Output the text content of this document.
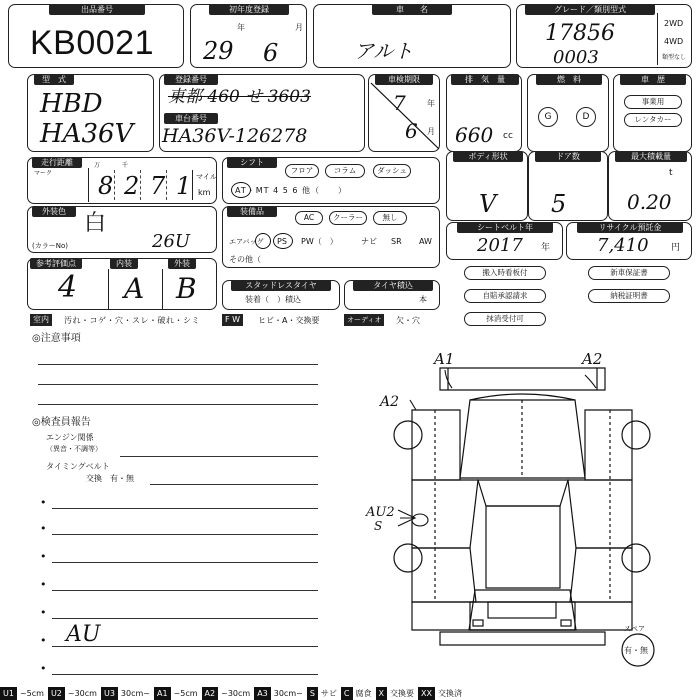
出品番号
KB0021
初年度登録
年	月
29 6
車　　名
アルト
グレード／類別型式
17856
0003
2WD
4WD
類型なし
型　式
HBD
HA36V
登録番号
東都 460 せ 3603
車台番号
HA36V-126278
車検期限
年
月
7
6
排　気　量
660 cc
燃　料
G	D
車　歴
事業用
レンタカー
走行距離
マーク
万	千
8 2 7 1 マイル
km
シフト
フロア	コラム	ダッシュ
AT・MT 4 5 6 他（　　）
ボディ形状
V
ドア数
5
最大積載量
t
0.20
外装色
(カラーNo)
白
26U
装備品
AC	クーラー	無し
エアバッグ PS PW（　）	ナビ SR AW
その他（
シートベルト年
2017 年
リサイクル預託金
7,410 円
参考評価点	内装	外装
4 A B	スタッドレスタイヤ
装着（　）積込
タイヤ積込
本
搬入時看板付	新車保証書
自賠承認請求	納税証明書
抹消受付可
室内	汚れ・コゲ・穴・スレ・破れ・シミ	F W	ヒビ・A・交換要	オーディオ	欠・穴
◎注意事項
◎検査員報告
エンジン関係
（異音・不調等）
タイミングベルト
交換　有・無
•
•
•
•
•
• AU
•
A1	A2
A2
AU2
S
スペア
有・無
U1 ~5cm U2 ~30cm U3 30cm~ A1 ~5cm A2 ~30cm A3 30cm~ S サビ C 腐食 X 交換要 XX 交換済
